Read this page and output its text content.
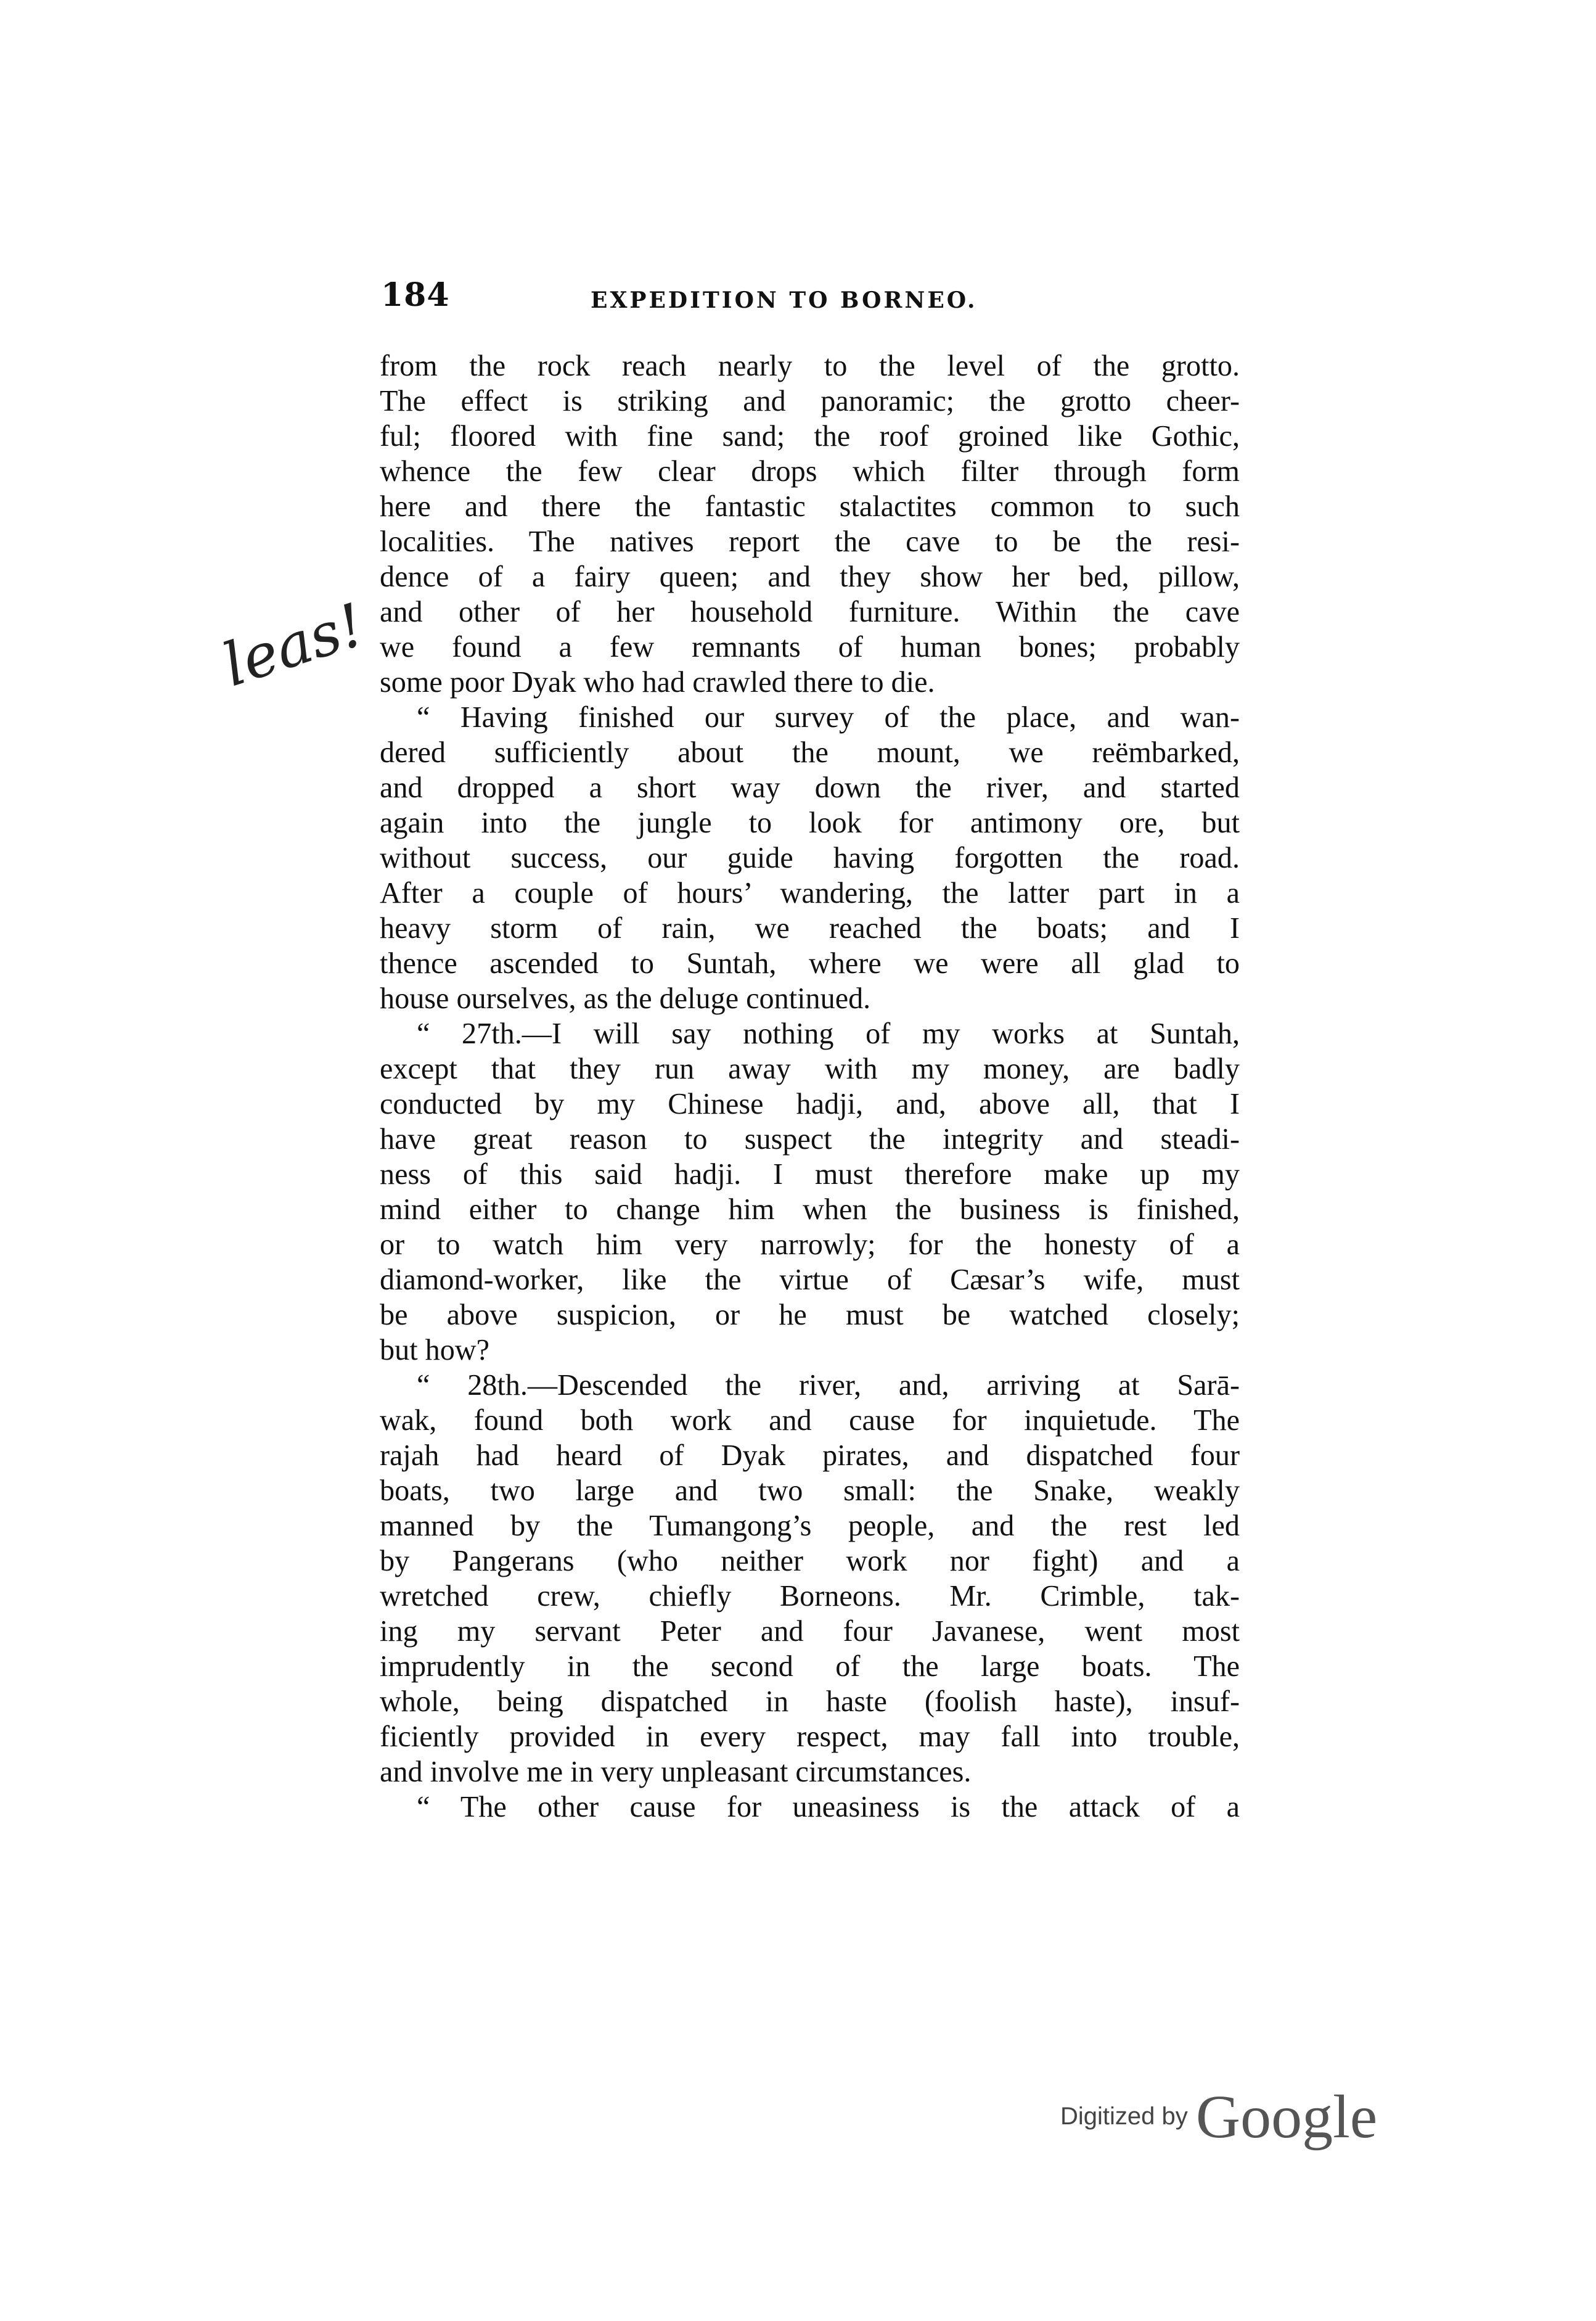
184	EXPEDITION TO BORNEO.
leas!
from the rock reach nearly to the level of the grotto.
The effect is striking and panoramic; the grotto cheer-
ful; floored with fine sand; the roof groined like Gothic,
whence the few clear drops which filter through form
here and there the fantastic stalactites common to such
localities. The natives report the cave to be the resi-
dence of a fairy queen; and they show her bed, pillow,
and other of her household furniture. Within the cave
we found a few remnants of human bones; probably
some poor Dyak who had crawled there to die.
“ Having finished our survey of the place, and wan-
dered sufficiently about the mount, we reëmbarked,
and dropped a short way down the river, and started
again into the jungle to look for antimony ore, but
without success, our guide having forgotten the road.
After a couple of hours’ wandering, the latter part in a
heavy storm of rain, we reached the boats; and I
thence ascended to Suntah, where we were all glad to
house ourselves, as the deluge continued.
“ 27th.—I will say nothing of my works at Suntah,
except that they run away with my money, are badly
conducted by my Chinese hadji, and, above all, that I
have great reason to suspect the integrity and steadi-
ness of this said hadji. I must therefore make up my
mind either to change him when the business is finished,
or to watch him very narrowly; for the honesty of a
diamond-worker, like the virtue of Cæsar’s wife, must
be above suspicion, or he must be watched closely;
but how?
“ 28th.—Descended the river, and, arriving at Sarā-
wak, found both work and cause for inquietude. The
rajah had heard of Dyak pirates, and dispatched four
boats, two large and two small: the Snake, weakly
manned by the Tumangong’s people, and the rest led
by Pangerans (who neither work nor fight) and a
wretched crew, chiefly Borneons. Mr. Crimble, tak-
ing my servant Peter and four Javanese, went most
imprudently in the second of the large boats. The
whole, being dispatched in haste (foolish haste), insuf-
ficiently provided in every respect, may fall into trouble,
and involve me in very unpleasant circumstances.
“ The other cause for uneasiness is the attack of a
Digitized by Google
